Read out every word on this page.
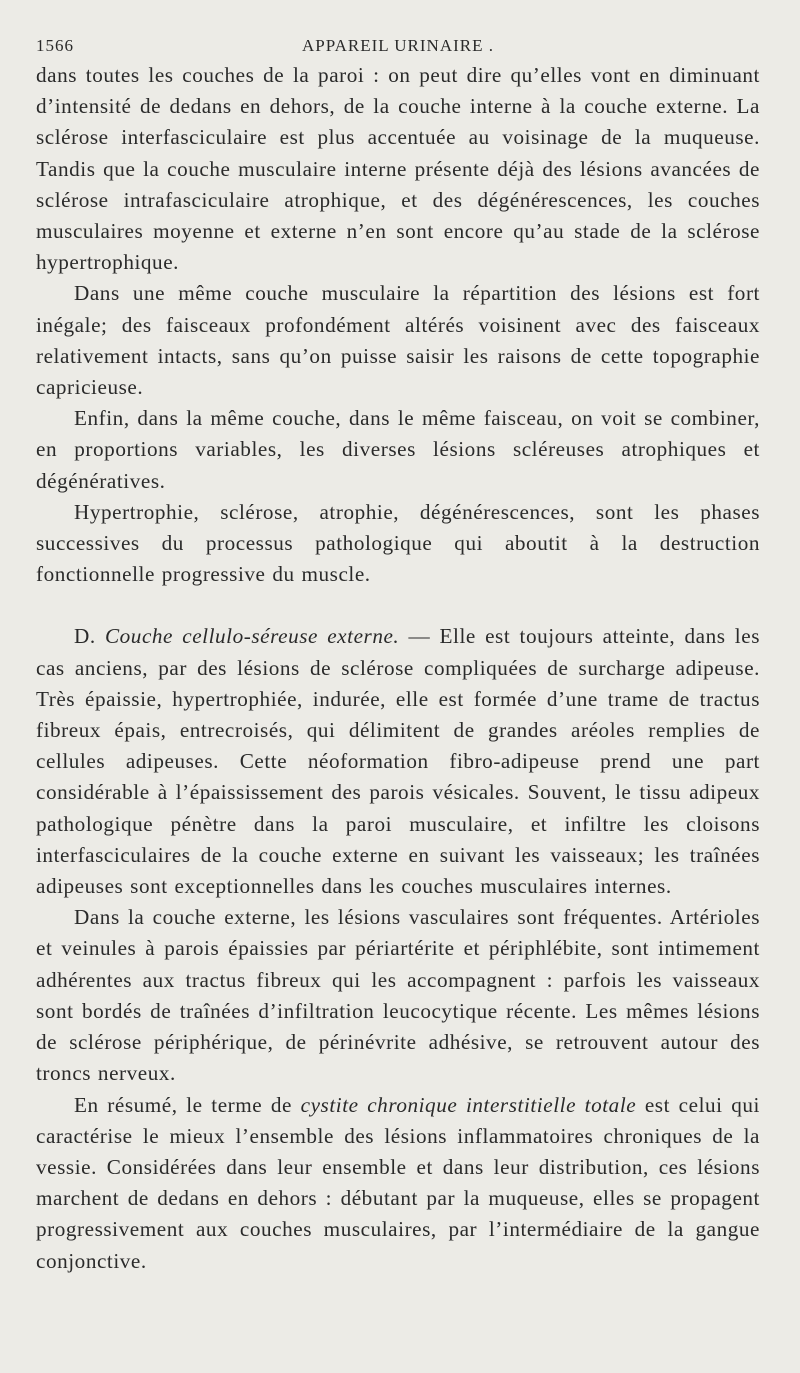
1566	APPAREIL URINAIRE .

dans toutes les couches de la paroi : on peut dire qu’elles vont en diminuant d’intensité de dedans en dehors, de la couche interne à la couche externe. La sclérose interfasciculaire est plus accentuée au voisinage de la muqueuse. Tandis que la couche musculaire interne présente déjà des lésions avancées de sclérose intrafasciculaire atrophique, et des dégénérescences, les couches musculaires moyenne et externe n’en sont encore qu’au stade de la sclérose hypertrophique.

Dans une même couche musculaire la répartition des lésions est fort inégale; des faisceaux profondément altérés voisinent avec des faisceaux relativement intacts, sans qu’on puisse saisir les raisons de cette topographie capricieuse.

Enfin, dans la même couche, dans le même faisceau, on voit se combiner, en proportions variables, les diverses lésions scléreuses atrophiques et dégénératives.

Hypertrophie, sclérose, atrophie, dégénérescences, sont les phases successives du processus pathologique qui aboutit à la destruction fonctionnelle progressive du muscle.

D. Couche cellulo-séreuse externe. — Elle est toujours atteinte, dans les cas anciens, par des lésions de sclérose compliquées de surcharge adipeuse. Très épaissie, hypertrophiée, indurée, elle est formée d’une trame de tractus fibreux épais, entrecroisés, qui délimitent de grandes aréoles remplies de cellules adipeuses. Cette néoformation fibro-adipeuse prend une part considérable à l’épaississement des parois vésicales. Souvent, le tissu adipeux pathologique pénètre dans la paroi musculaire, et infiltre les cloisons interfasciculaires de la couche externe en suivant les vaisseaux; les traînées adipeuses sont exceptionnelles dans les couches musculaires internes.

Dans la couche externe, les lésions vasculaires sont fréquentes. Artérioles et veinules à parois épaissies par périartérite et périphlébite, sont intimement adhérentes aux tractus fibreux qui les accompagnent : parfois les vaisseaux sont bordés de traînées d’infiltration leucocytique récente. Les mêmes lésions de sclérose périphérique, de périnévrite adhésive, se retrouvent autour des troncs nerveux.

En résumé, le terme de cystite chronique interstitielle totale est celui qui caractérise le mieux l’ensemble des lésions inflammatoires chroniques de la vessie. Considérées dans leur ensemble et dans leur distribution, ces lésions marchent de dedans en dehors : débutant par la muqueuse, elles se propagent progressivement aux couches musculaires, par l’intermédiaire de la gangue conjonctive.
